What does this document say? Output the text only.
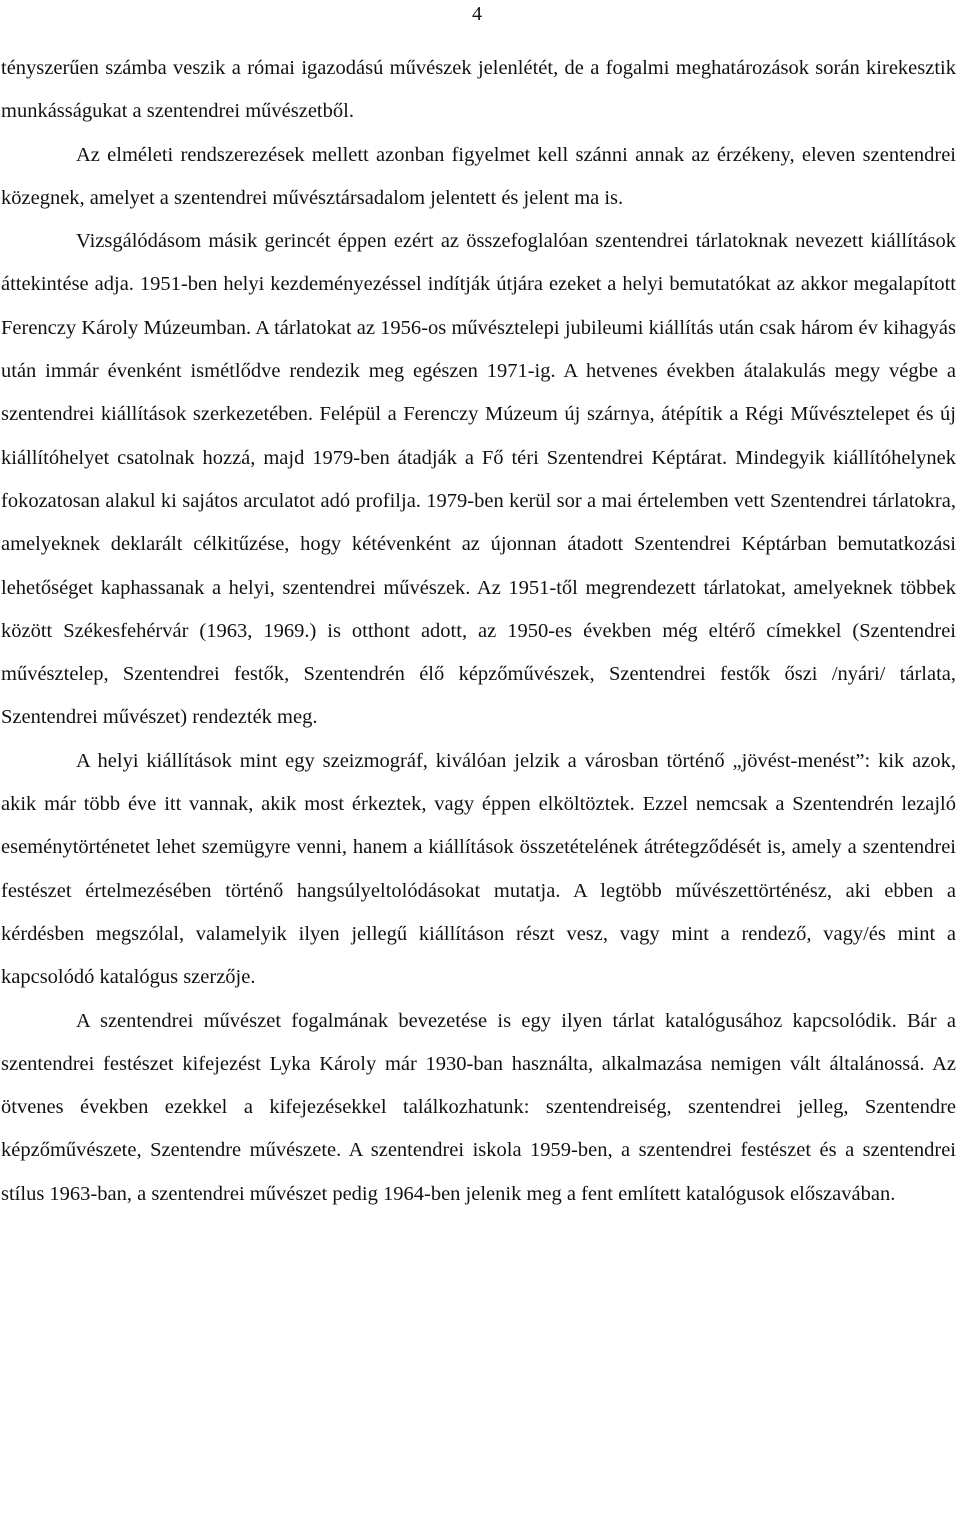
4

tényszerűen számba veszik a római igazodású művészek jelenlétét, de a fogalmi meghatározások során kirekesztik munkásságukat a szentendrei művészetből.

Az elméleti rendszerezések mellett azonban figyelmet kell szánni annak az érzékeny, eleven szentendrei közegnek, amelyet a szentendrei művésztársadalom jelentett és jelent ma is.

Vizsgálódásom másik gerincét éppen ezért az összefoglalóan szentendrei tárlatoknak nevezett kiállítások áttekintése adja. 1951-ben helyi kezdeményezéssel indítják útjára ezeket a helyi bemutatókat az akkor megalapított Ferenczy Károly Múzeumban. A tárlatokat az 1956-os művésztelepi jubileumi kiállítás után csak három év kihagyás után immár évenként ismétlődve rendezik meg egészen 1971-ig. A hetvenes években átalakulás megy végbe a szentendrei kiállítások szerkezetében. Felépül a Ferenczy Múzeum új szárnya, átépítik a Régi Művésztelepet és új kiállítóhelyet csatolnak hozzá, majd 1979-ben átadják a Fő téri Szentendrei Képtárat. Mindegyik kiállítóhelynek fokozatosan alakul ki sajátos arculatot adó profilja. 1979-ben kerül sor a mai értelemben vett Szentendrei tárlatokra, amelyeknek deklarált célkitűzése, hogy kétévenként az újonnan átadott Szentendrei Képtárban bemutatkozási lehetőséget kaphassanak a helyi, szentendrei művészek. Az 1951-től megrendezett tárlatokat, amelyeknek többek között Székesfehérvár (1963, 1969.) is otthont adott, az 1950-es években még eltérő címekkel (Szentendrei művésztelep, Szentendrei festők, Szentendrén élő képzőművészek, Szentendrei festők őszi /nyári/ tárlata, Szentendrei művészet) rendezték meg.

A helyi kiállítások mint egy szeizmográf, kiválóan jelzik a városban történő „jövést-menést”: kik azok, akik már több éve itt vannak, akik most érkeztek, vagy éppen elköltöztek. Ezzel nemcsak a Szentendrén lezajló eseménytörténetet lehet szemügyre venni, hanem a kiállítások összetételének átrétegződését is, amely a szentendrei festészet értelmezésében történő hangsúlyeltolódásokat mutatja. A legtöbb művészettörténész, aki ebben a kérdésben megszólal, valamelyik ilyen jellegű kiállításon részt vesz, vagy mint a rendező, vagy/és mint a kapcsolódó katalógus szerzője.

A szentendrei művészet fogalmának bevezetése is egy ilyen tárlat katalógusához kapcsolódik. Bár a szentendrei festészet kifejezést Lyka Károly már 1930-ban használta, alkalmazása nemigen vált általánossá. Az ötvenes években ezekkel a kifejezésekkel találkozhatunk: szentendreiség, szentendrei jelleg, Szentendre képzőművészete, Szentendre művészete. A szentendrei iskola 1959-ben, a szentendrei festészet és a szentendrei stílus 1963-ban, a szentendrei művészet pedig 1964-ben jelenik meg a fent említett katalógusok előszavában.
